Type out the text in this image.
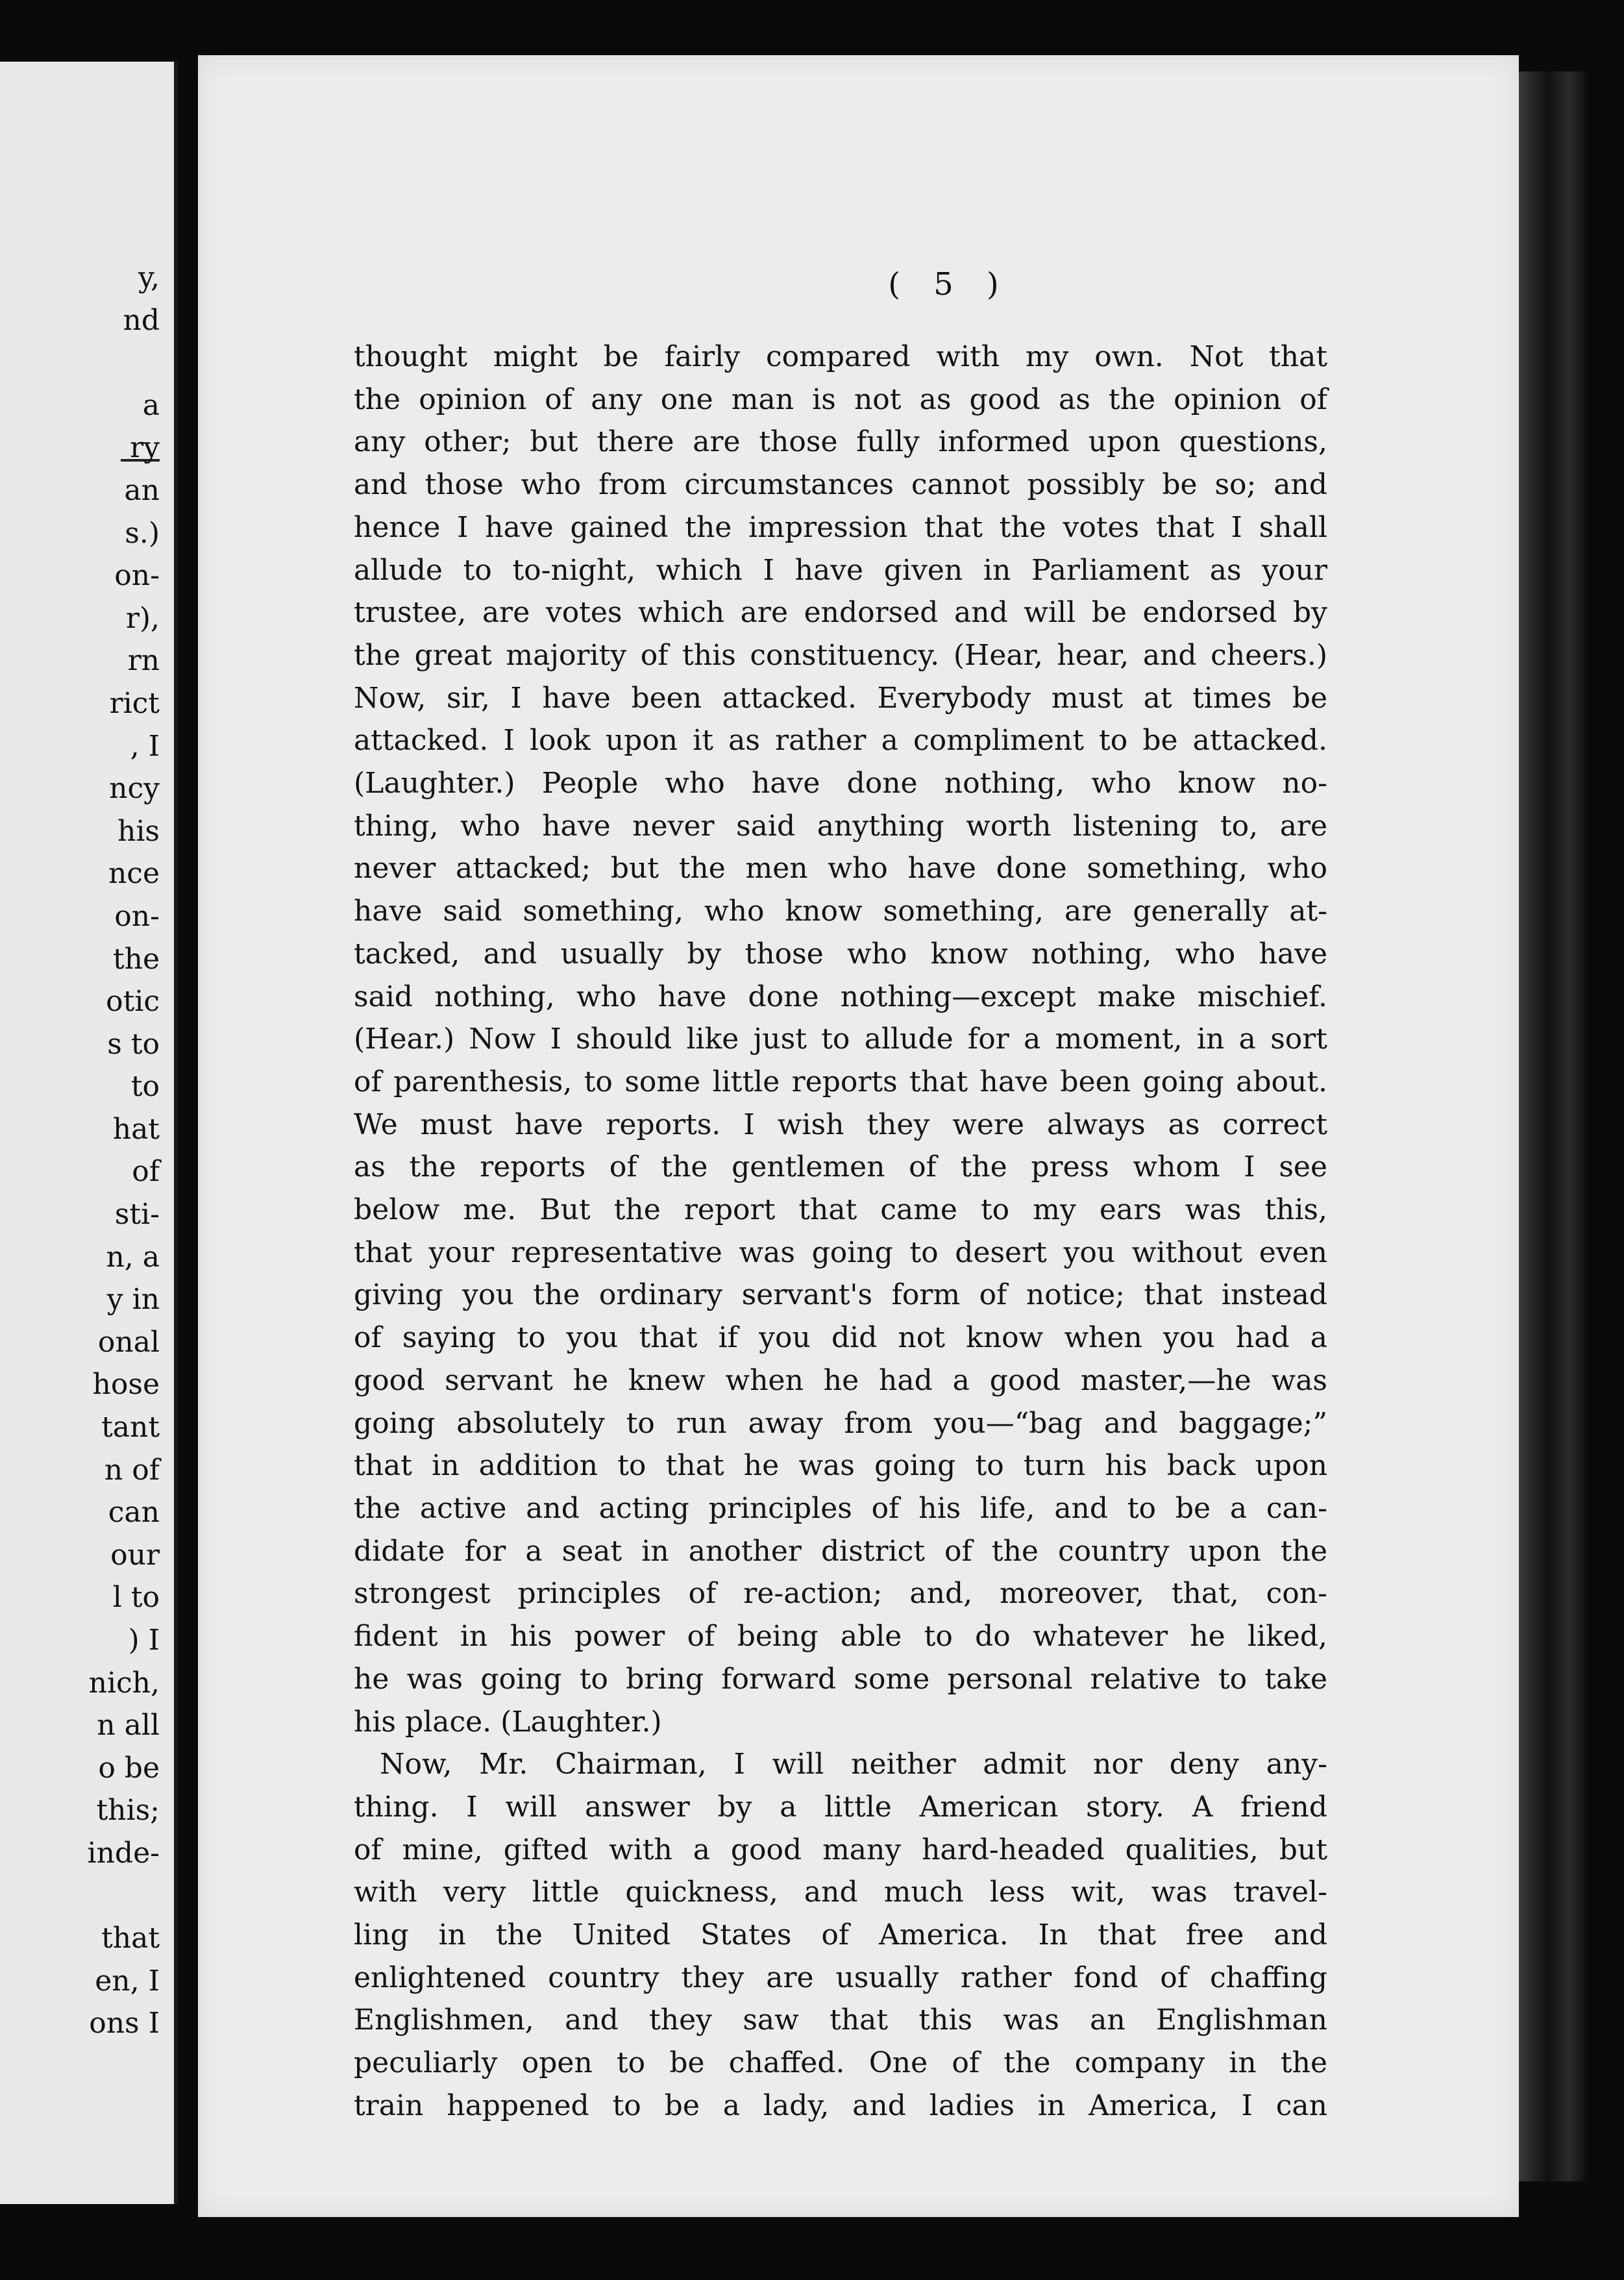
y,
nd

a
ry
an
s.)
on-
r),
rn
rict
, I
ncy
his
nce
on-
the
otic
s to
to
hat
of
sti-
n, a
y in
onal
hose
tant
n of
can
our
l to
) I
nich,
n all
o be
this;
inde-

that
en, I
ons I
( 5 )

thought might be fairly compared with my own. Not that

the opinion of any one man is not as good as the opinion of

any other; but there are those fully informed upon questions,

and those who from circumstances cannot possibly be so; and

hence I have gained the impression that the votes that I shall

allude to to-night, which I have given in Parliament as your

trustee, are votes which are endorsed and will be endorsed by

the great majority of this constituency. (Hear, hear, and cheers.)

Now, sir, I have been attacked. Everybody must at times be

attacked. I look upon it as rather a compliment to be attacked.

(Laughter.) People who have done nothing, who know no-

thing, who have never said anything worth listening to, are

never attacked; but the men who have done something, who

have said something, who know something, are generally at-

tacked, and usually by those who know nothing, who have

said nothing, who have done nothing—except make mischief.

(Hear.) Now I should like just to allude for a moment, in a sort

of parenthesis, to some little reports that have been going about.

We must have reports. I wish they were always as correct

as the reports of the gentlemen of the press whom I see

below me. But the report that came to my ears was this,

that your representative was going to desert you without even

giving you the ordinary servant's form of notice; that instead

of saying to you that if you did not know when you had a

good servant he knew when he had a good master,—he was

going absolutely to run away from you—“bag and baggage;”

that in addition to that he was going to turn his back upon

the active and acting principles of his life, and to be a can-

didate for a seat in another district of the country upon the

strongest principles of re-action; and, moreover, that, con-

fident in his power of being able to do whatever he liked,

he was going to bring forward some personal relative to take

his place. (Laughter.)

Now, Mr. Chairman, I will neither admit nor deny any-

thing. I will answer by a little American story. A friend

of mine, gifted with a good many hard-headed qualities, but

with very little quickness, and much less wit, was travel-

ling in the United States of America. In that free and

enlightened country they are usually rather fond of chaffing

Englishmen, and they saw that this was an Englishman

peculiarly open to be chaffed. One of the company in the

train happened to be a lady, and ladies in America, I can
